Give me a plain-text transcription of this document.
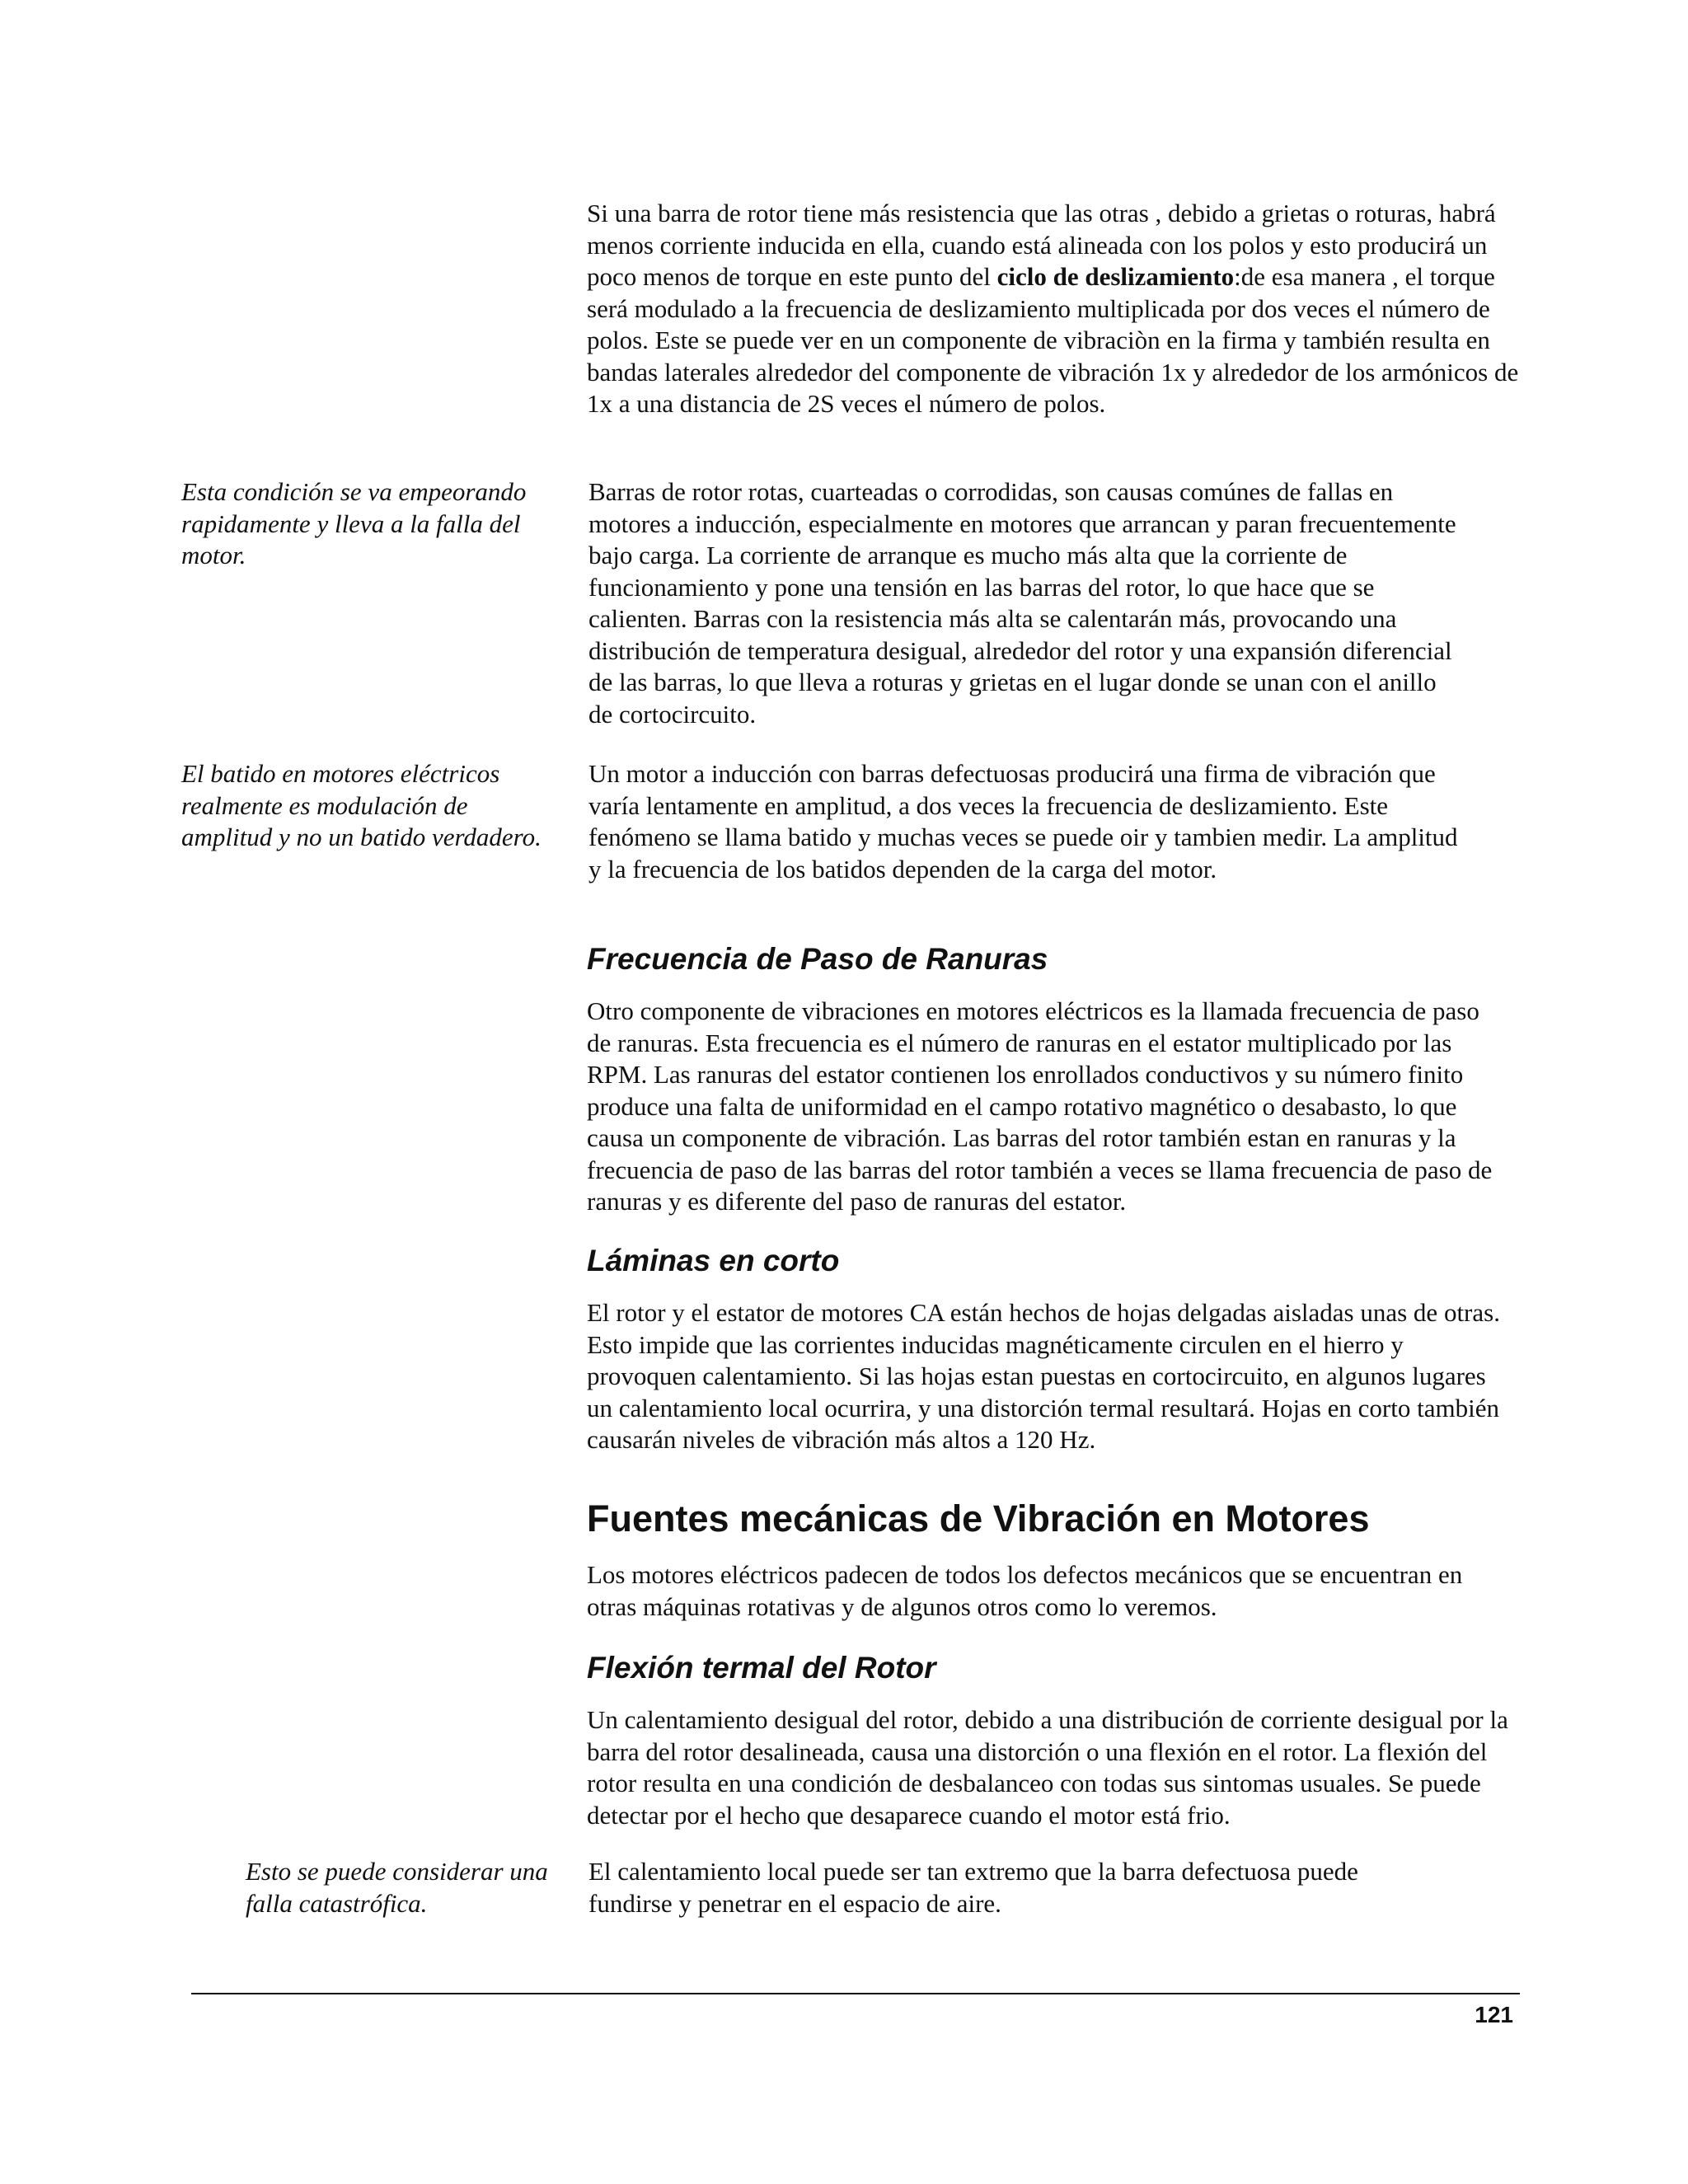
Si una barra de rotor tiene más resistencia que las otras , debido a grietas o roturas, habrá menos corriente inducida en ella, cuando está alineada con los polos y esto producirá un poco menos de torque en este punto del ciclo de deslizamiento:de esa manera , el torque será modulado a la frecuencia de deslizamiento multiplicada por dos veces el número de polos. Este se puede ver en un componente de vibraciòn en la firma y también resulta en bandas laterales alrededor del componente de vibración 1x y alrededor de los armónicos de 1x a una distancia de 2S veces el número de polos.

Esta condición se va empeorando rapidamente y lleva a la falla del motor.

Barras de rotor rotas, cuarteadas o corrodidas, son causas comúnes de fallas en motores a inducción, especialmente en motores que arrancan y paran frecuentemente bajo carga. La corriente de arranque es mucho más alta que la corriente de funcionamiento y pone una tensión en las barras del rotor, lo que hace que se calienten. Barras con la resistencia más alta se calentarán más, provocando una distribución de temperatura desigual, alrededor del rotor y una expansión diferencial de las barras, lo que lleva a roturas y grietas en el lugar donde se unan con el anillo de cortocircuito.

El batido en motores eléctricos realmente es modulación de amplitud y no un batido verdadero.

Un motor a inducción con barras defectuosas producirá una firma de vibración que varía lentamente en amplitud, a dos veces la frecuencia de deslizamiento. Este fenómeno se llama batido y muchas veces se puede oir y tambien medir. La amplitud y la frecuencia de los batidos dependen de la carga del motor.

Frecuencia de Paso de Ranuras

Otro componente de vibraciones en motores eléctricos es la llamada frecuencia de paso de ranuras. Esta frecuencia es el número de ranuras en el estator multiplicado por las RPM. Las ranuras del estator contienen los enrollados conductivos y su número finito produce una falta de uniformidad en el campo rotativo magnético o desabasto, lo que causa un componente de vibración. Las barras del rotor también estan en ranuras y la frecuencia de paso de las barras del rotor también a veces se llama frecuencia de paso de ranuras y es diferente del paso de ranuras del estator.

Láminas en corto

El rotor y el estator de motores CA están hechos de hojas delgadas aisladas unas de otras. Esto impide que las corrientes inducidas magnéticamente circulen en el hierro y provoquen calentamiento. Si las hojas estan puestas en cortocircuito, en algunos lugares un calentamiento local ocurrira, y una distorción termal resultará. Hojas en corto también causarán niveles de vibración más altos a 120 Hz.

Fuentes mecánicas de Vibración en Motores

Los motores eléctricos padecen de todos los defectos mecánicos que se encuentran en otras máquinas rotativas y de algunos otros como lo veremos.

Flexión termal del Rotor

Un calentamiento desigual del rotor, debido a una distribución de corriente desigual por la barra del rotor desalineada, causa una distorción o una flexión en el rotor. La flexión del rotor resulta en una condición de desbalanceo con todas sus sintomas usuales. Se puede detectar por el hecho que desaparece cuando el motor está frio.

Esto se puede considerar una falla catastrófica.

El calentamiento local puede ser tan extremo que la barra defectuosa puede fundirse y penetrar en el espacio de aire.

121
